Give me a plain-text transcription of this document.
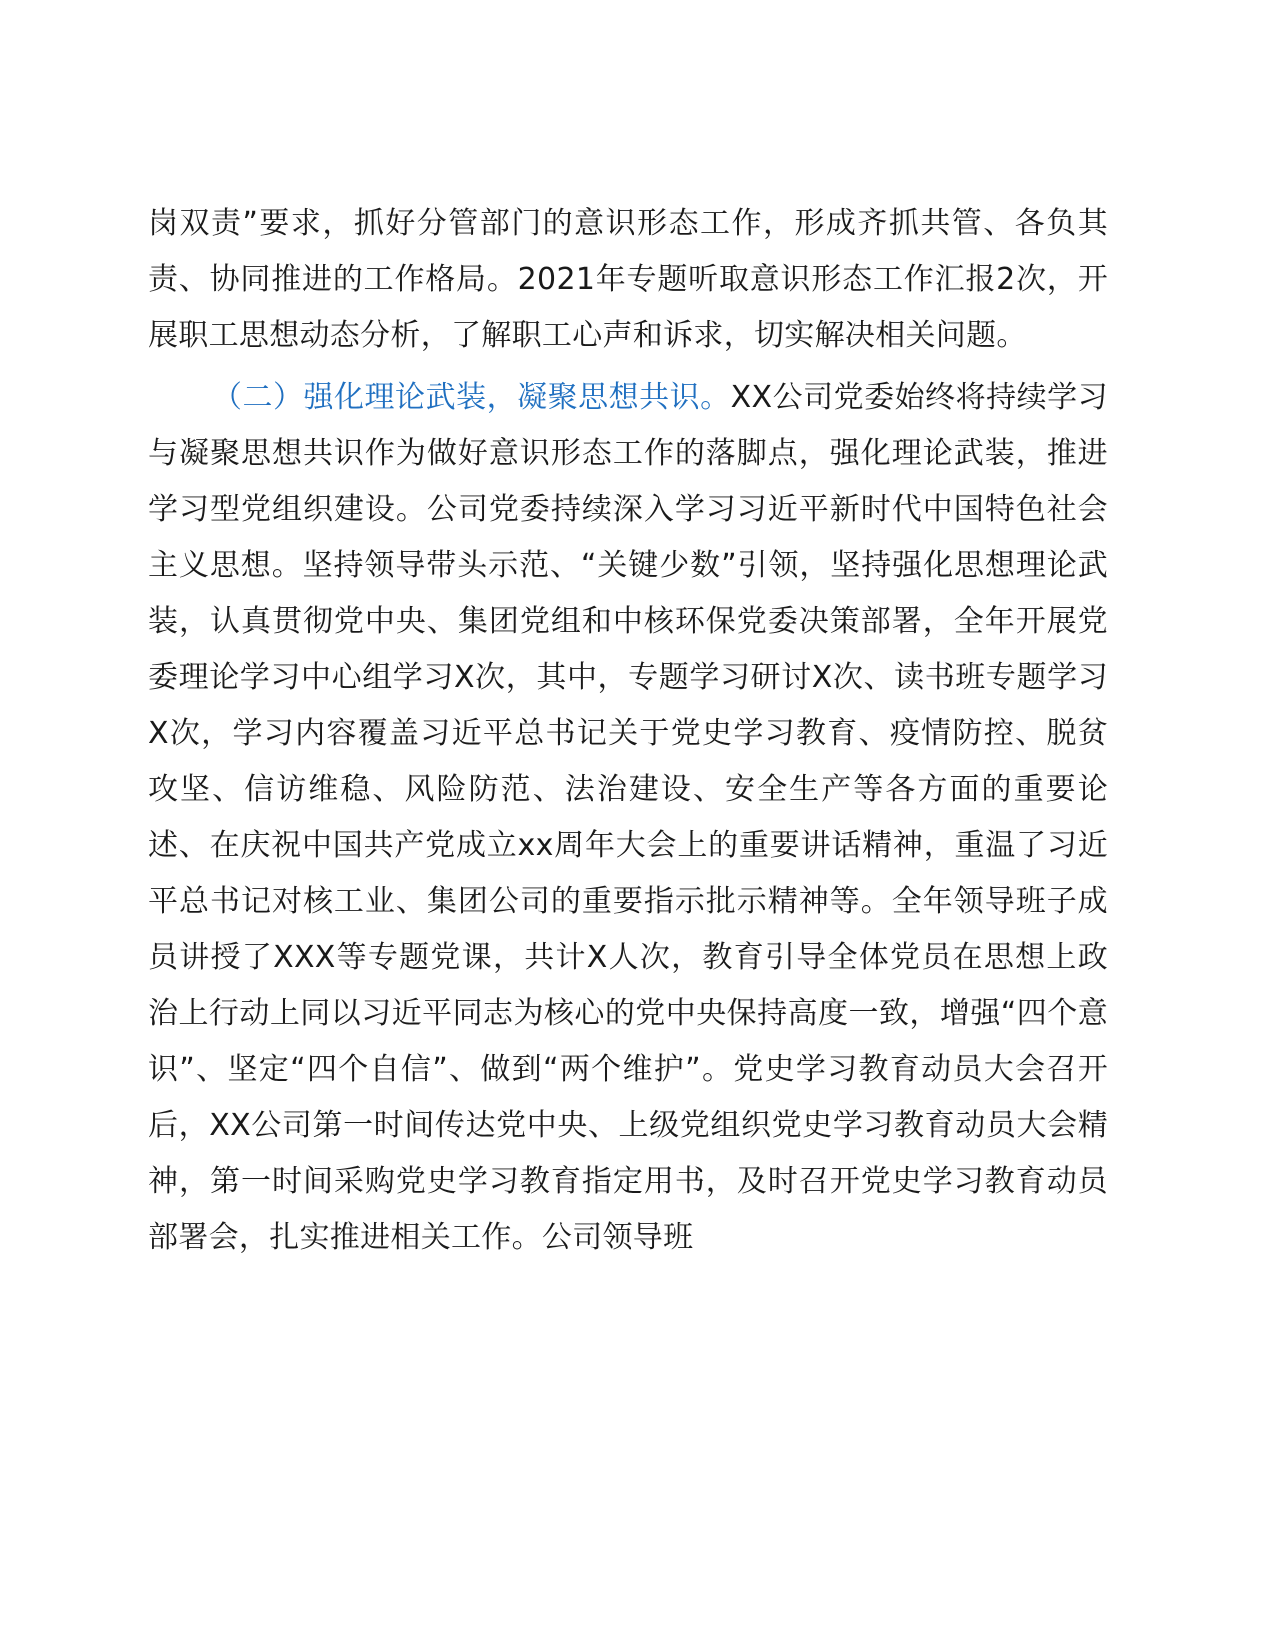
岗双责”要求，抓好分管部门的意识形态工作，形成齐抓共管、各负其责、协同推进的工作格局。2021年专题听取意识形态工作汇报2次，开展职工思想动态分析，了解职工心声和诉求，切实解决相关问题。

（二）强化理论武装，凝聚思想共识。XX公司党委始终将持续学习与凝聚思想共识作为做好意识形态工作的落脚点，强化理论武装，推进学习型党组织建设。公司党委持续深入学习习近平新时代中国特色社会主义思想。坚持领导带头示范、“关键少数”引领，坚持强化思想理论武装，认真贯彻党中央、集团党组和中核环保党委决策部署，全年开展党委理论学习中心组学习X次，其中，专题学习研讨X次、读书班专题学习X次，学习内容覆盖习近平总书记关于党史学习教育、疫情防控、脱贫攻坚、信访维稳、风险防范、法治建设、安全生产等各方面的重要论述、在庆祝中国共产党成立xx周年大会上的重要讲话精神，重温了习近平总书记对核工业、集团公司的重要指示批示精神等。全年领导班子成员讲授了XXX等专题党课，共计X人次，教育引导全体党员在思想上政治上行动上同以习近平同志为核心的党中央保持高度一致，增强“四个意识”、坚定“四个自信”、做到“两个维护”。党史学习教育动员大会召开后，XX公司第一时间传达党中央、上级党组织党史学习教育动员大会精神，第一时间采购党史学习教育指定用书，及时召开党史学习教育动员部署会，扎实推进相关工作。公司领导班
